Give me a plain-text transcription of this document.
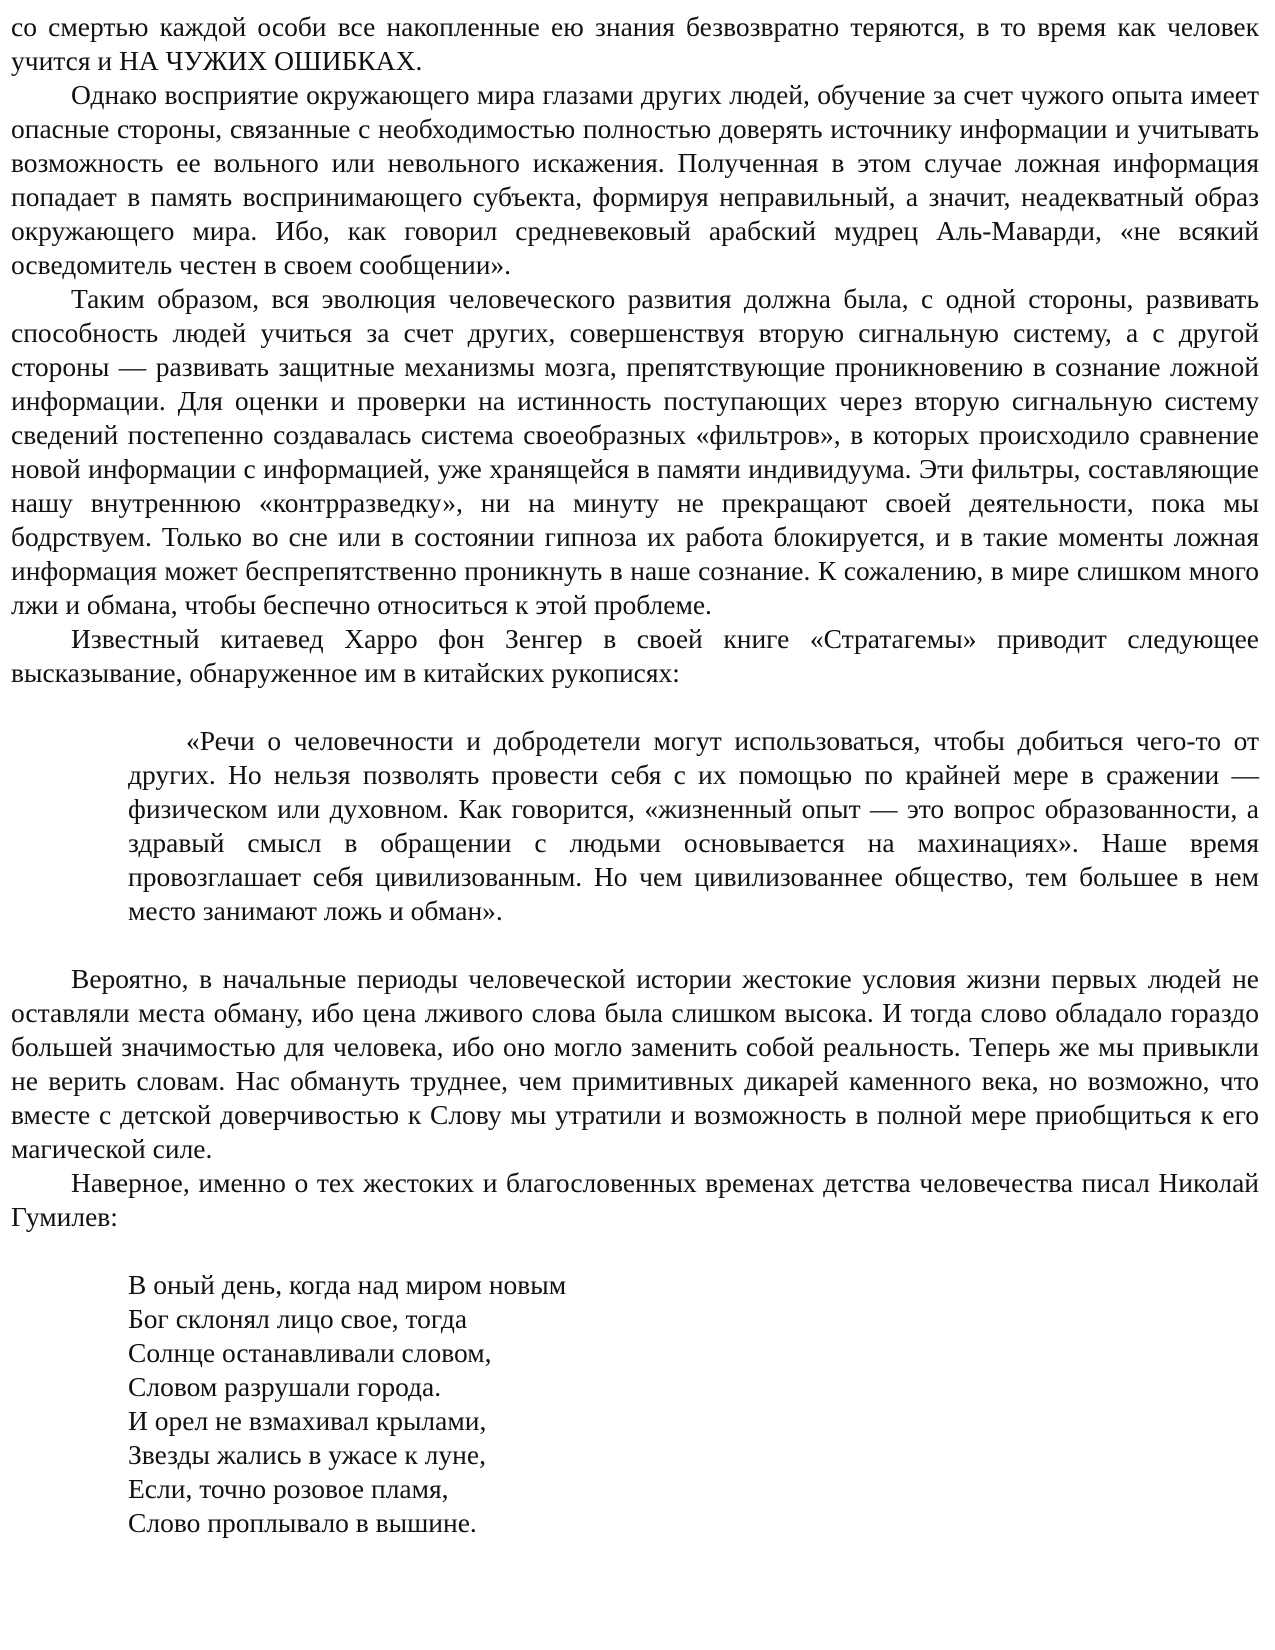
со смертью каждой особи все накопленные ею знания безвозвратно теряются, в то время как человек учится и НА ЧУЖИХ ОШИБКАХ.

Однако восприятие окружающего мира глазами других людей, обучение за счет чужого опыта имеет опасные стороны, связанные с необходимостью полностью доверять источнику информации и учитывать возможность ее вольного или невольного искажения. Полученная в этом случае ложная информация попадает в память воспринимающего субъекта, формируя неправильный, а значит, неадекватный образ окружающего мира. Ибо, как говорил средневековый арабский мудрец Аль-Маварди, «не всякий осведомитель честен в своем сообщении».

Таким образом, вся эволюция человеческого развития должна была, с одной стороны, развивать способность людей учиться за счет других, совершенствуя вторую сигнальную систему, а с другой стороны — развивать защитные механизмы мозга, препятствующие проникновению в сознание ложной информации. Для оценки и проверки на истинность поступающих через вторую сигнальную систему сведений постепенно создавалась система своеобразных «фильтров», в которых происходило сравнение новой информации с информацией, уже хранящейся в памяти индивидуума. Эти фильтры, составляющие нашу внутреннюю «контрразведку», ни на минуту не прекращают своей деятельности, пока мы бодрствуем. Только во сне или в состоянии гипноза их работа блокируется, и в такие моменты ложная информация может беспрепятственно проникнуть в наше сознание. К сожалению, в мире слишком много лжи и обмана, чтобы беспечно относиться к этой проблеме.

Известный китаевед Харро фон Зенгер в своей книге «Стратагемы» приводит следующее высказывание, обнаруженное им в китайских рукописях:

«Речи о человечности и добродетели могут использоваться, чтобы добиться чего-то от других. Но нельзя позволять провести себя с их помощью по крайней мере в сражении — физическом или духовном. Как говорится, «жизненный опыт — это вопрос образованности, а здравый смысл в обращении с людьми основывается на махинациях». Наше время провозглашает себя цивилизованным. Но чем цивилизованнее общество, тем большее в нем место занимают ложь и обман».

Вероятно, в начальные периоды человеческой истории жестокие условия жизни первых людей не оставляли места обману, ибо цена лживого слова была слишком высока. И тогда слово обладало гораздо большей значимостью для человека, ибо оно могло заменить собой реальность. Теперь же мы привыкли не верить словам. Нас обмануть труднее, чем примитивных дикарей каменного века, но возможно, что вместе с детской доверчивостью к Слову мы утратили и возможность в полной мере приобщиться к его магической силе.

Наверное, именно о тех жестоких и благословенных временах детства человечества писал Николай Гумилев:

В оный день, когда над миром новым
Бог склонял лицо свое, тогда
Солнце останавливали словом,
Словом разрушали города.
И орел не взмахивал крылами,
Звезды жались в ужасе к луне,
Если, точно розовое пламя,
Слово проплывало в вышине.
